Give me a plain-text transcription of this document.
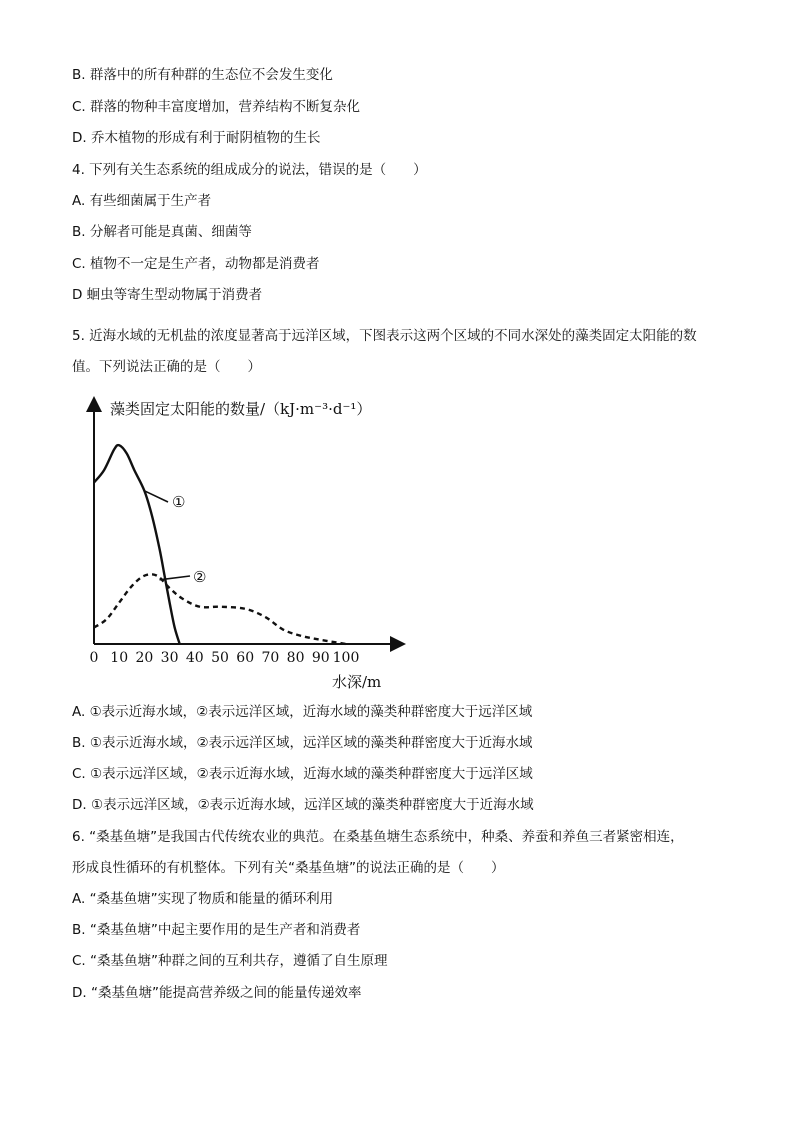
B. 群落中的所有种群的生态位不会发生变化
C. 群落的物种丰富度增加，营养结构不断复杂化
D. 乔木植物的形成有利于耐阴植物的生长
4. 下列有关生态系统的组成成分的说法，错误的是（　　）
A. 有些细菌属于生产者
B. 分解者可能是真菌、细菌等
C. 植物不一定是生产者，动物都是消费者
D 蛔虫等寄生型动物属于消费者
5. 近海水域的无机盐的浓度显著高于远洋区域，下图表示这两个区域的不同水深处的藻类固定太阳能的数
值。下列说法正确的是（　　）
藻类固定太阳能的数量/（kJ·m⁻³·d⁻¹）
水深/m
0 10 20 30 40 50 60 70 80 90 100
①
②
A. ①表示近海水域，②表示远洋区域，近海水域的藻类种群密度大于远洋区域
B. ①表示近海水域，②表示远洋区域，远洋区域的藻类种群密度大于近海水域
C. ①表示远洋区域，②表示近海水域，近海水域的藻类种群密度大于远洋区域
D. ①表示远洋区域，②表示近海水域，远洋区域的藻类种群密度大于近海水域
6. “桑基鱼塘”是我国古代传统农业的典范。在桑基鱼塘生态系统中，种桑、养蚕和养鱼三者紧密相连，
形成良性循环的有机整体。下列有关“桑基鱼塘”的说法正确的是（　　）
A. “桑基鱼塘”实现了物质和能量的循环利用
B. “桑基鱼塘”中起主要作用的是生产者和消费者
C. “桑基鱼塘”种群之间的互利共存，遵循了自生原理
D. “桑基鱼塘”能提高营养级之间的能量传递效率
